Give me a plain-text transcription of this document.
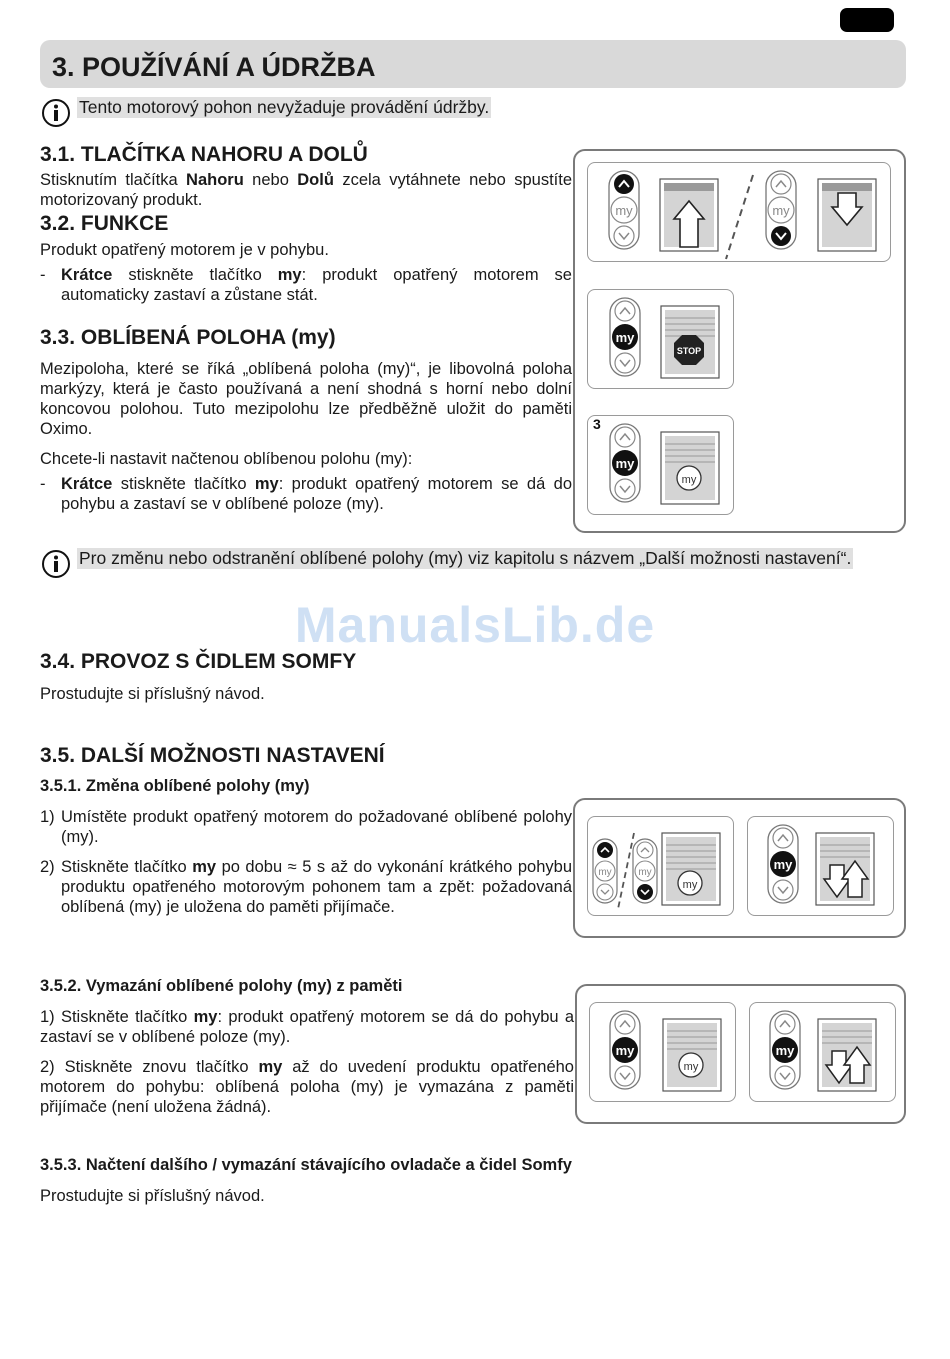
3. POUŽÍVÁNÍ A ÚDRŽBA
Tento motorový pohon nevyžaduje provádění údržby.
3.1. TLAČÍTKA NAHORU A DOLŮ

Stisknutím tlačítka Nahoru nebo Dolů zcela vytáhnete nebo spustíte motorizovaný produkt.

3.2. FUNKCE

Produkt opatřený motorem je v pohybu.

- Krátce stiskněte tlačítko my: produkt opatřený motorem se automaticky zastaví a zůstane stát.
3.3. OBLÍBENÁ POLOHA (my)

Mezipoloha, které se říká „oblíbená poloha (my)“, je libovolná poloha markýzy, která je často používaná a není shodná s horní nebo dolní koncovou polohou. Tuto mezipolohu lze předběžně uložit do paměti Oximo.

Chcete-li nastavit načtenou oblíbenou polohu (my):

- Krátce stiskněte tlačítko my: produkt opatřený motorem se dá do pohybu a zastaví se v oblíbené poloze (my).
my	my
my
STOP
3
my
my
Pro změnu nebo odstranění oblíbené polohy (my) viz kapitolu s názvem „Další možnosti nastavení“.
ManualsLib.de
3.4. PROVOZ S ČIDLEM SOMFY

Prostudujte si příslušný návod.

3.5. DALŠÍ MOŽNOSTI NASTAVENÍ
3.5.1. Změna oblíbené polohy (my)
1) Umístěte produkt opatřený motorem do požadované oblíbené polohy (my).
2) Stiskněte tlačítko my po dobu ≈ 5 s až do vykonání krátkého pohybu produktu opatřeného motorovým pohonem tam a zpět: požadovaná oblíbená (my) je uložena do paměti přijímače.
my	my
my
my
3.5.2. Vymazání oblíbené polohy (my) z paměti

1) Stiskněte tlačítko my: produkt opatřený motorem se dá do pohybu a zastaví se v oblíbené poloze (my).

2) Stiskněte znovu tlačítko my až do uvedení produktu opatřeného motorem do pohybu: oblíbená poloha (my) je vymazána z paměti přijímače (není uložena žádná).

my
my
my
3.5.3. Načtení dalšího / vymazání stávajícího ovladače a čidel Somfy

Prostudujte si příslušný návod.
